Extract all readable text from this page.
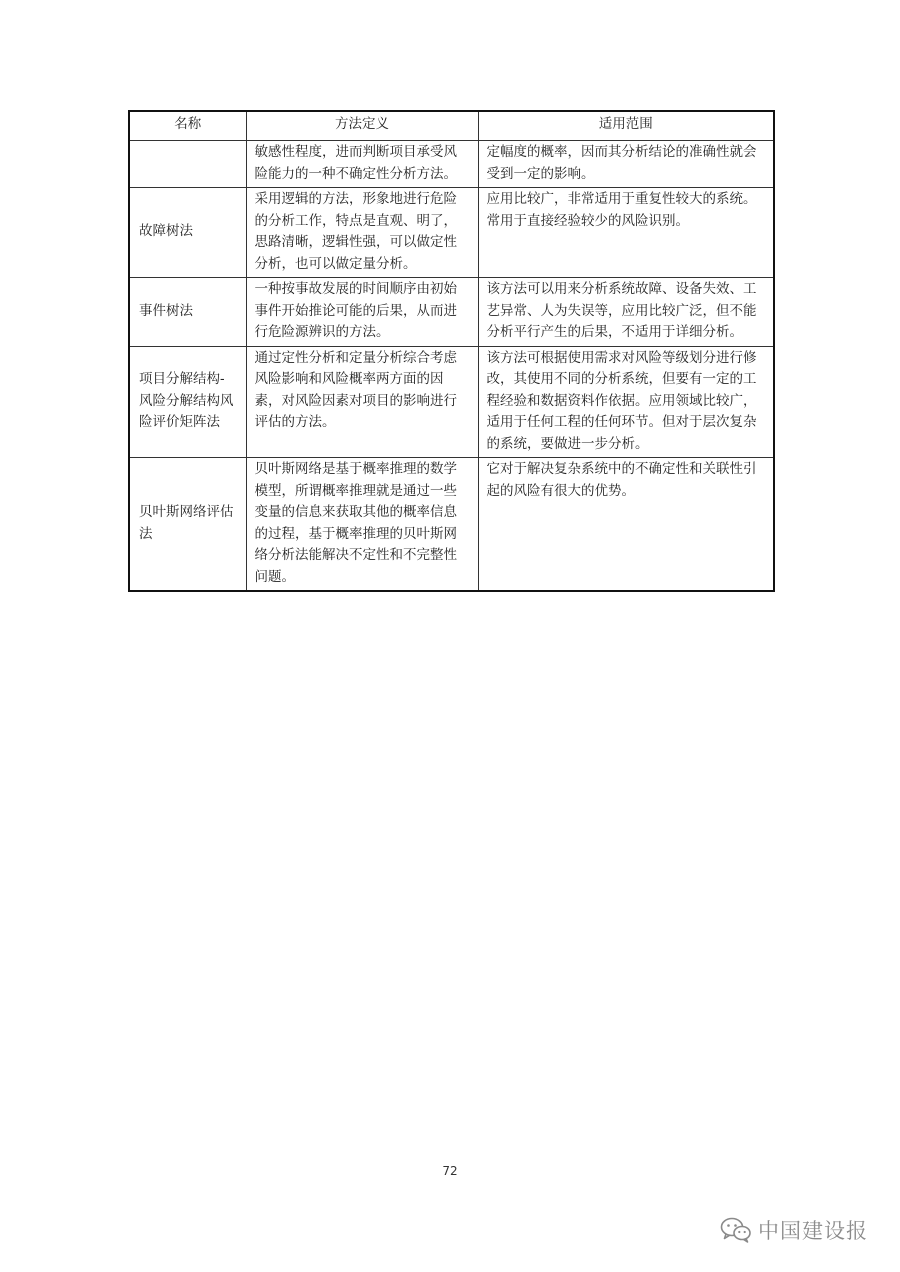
名称	方法定义	适用范围
	敏感性程度，进而判断项目承受风险能力的一种不确定性分析方法。	定幅度的概率，因而其分析结论的准确性就会受到一定的影响。
故障树法	采用逻辑的方法，形象地进行危险的分析工作，特点是直观、明了，思路清晰，逻辑性强，可以做定性分析，也可以做定量分析。	应用比较广，非常适用于重复性较大的系统。常用于直接经验较少的风险识别。
事件树法	一种按事故发展的时间顺序由初始事件开始推论可能的后果，从而进行危险源辨识的方法。	该方法可以用来分析系统故障、设备失效、工艺异常、人为失误等，应用比较广泛，但不能分析平行产生的后果，不适用于详细分析。
项目分解结构-风险分解结构风险评价矩阵法	通过定性分析和定量分析综合考虑风险影响和风险概率两方面的因素，对风险因素对项目的影响进行评估的方法。	该方法可根据使用需求对风险等级划分进行修改，其使用不同的分析系统，但要有一定的工程经验和数据资料作依据。应用领域比较广，适用于任何工程的任何环节。但对于层次复杂的系统，要做进一步分析。
贝叶斯网络评估法	贝叶斯网络是基于概率推理的数学模型，所谓概率推理就是通过一些变量的信息来获取其他的概率信息的过程，基于概率推理的贝叶斯网络分析法能解决不定性和不完整性问题。	它对于解决复杂系统中的不确定性和关联性引起的风险有很大的优势。
72
中国建设报
